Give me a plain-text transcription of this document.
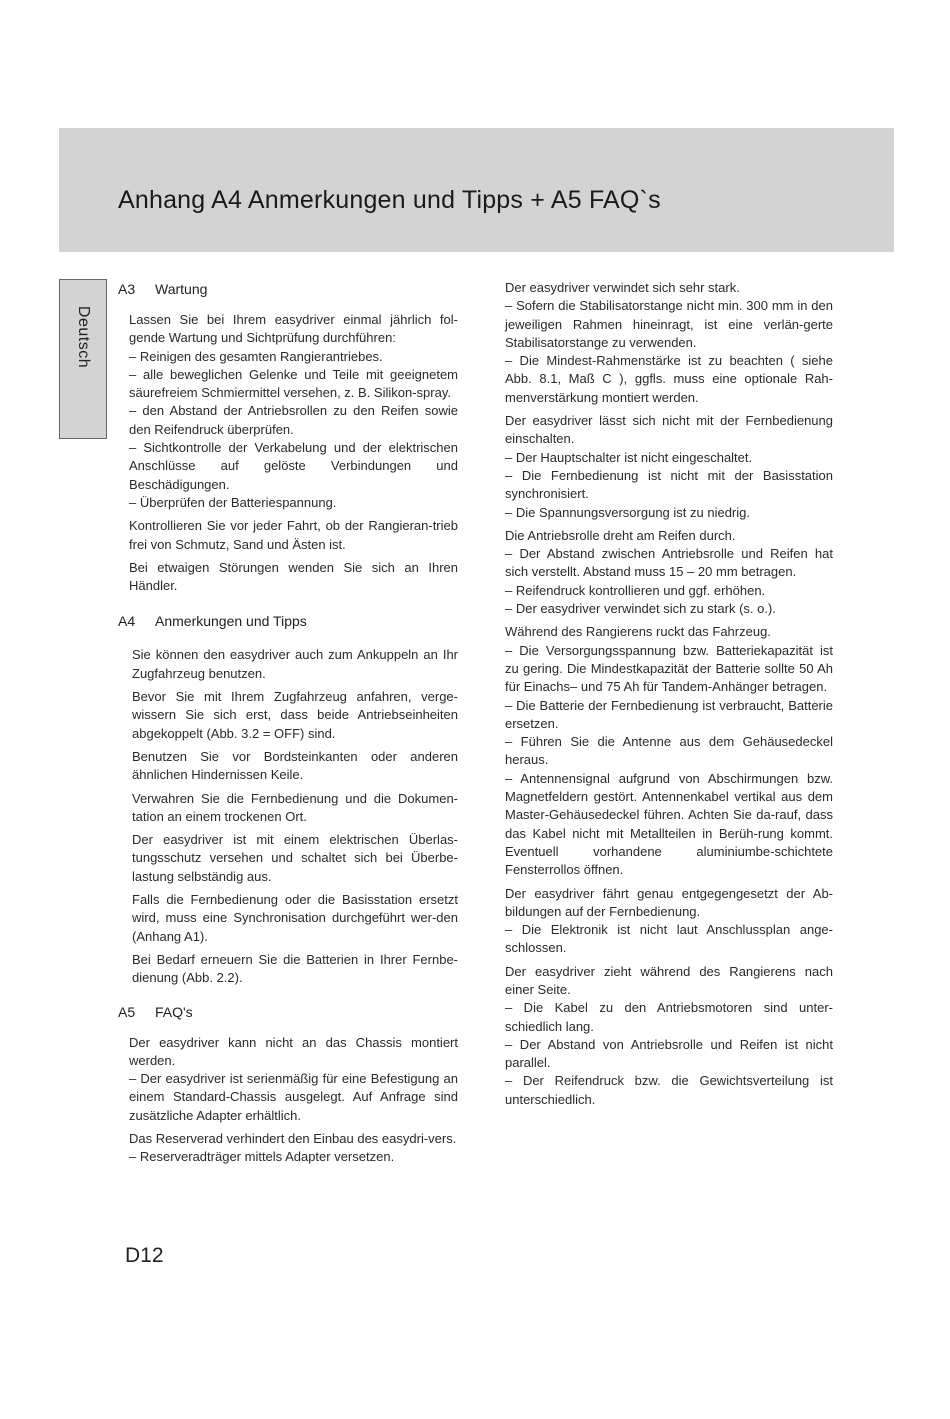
Anhang A4 Anmerkungen und Tipps + A5 FAQ`s
Deutsch
A3 Wartung

Lassen Sie bei Ihrem easydriver einmal jährlich fol-gende Wartung und Sichtprüfung durchführen:

– Reinigen des gesamten Rangierantriebes.

– alle beweglichen Gelenke und Teile mit geeignetem säurefreiem Schmiermittel versehen, z. B. Silikon-spray.

– den Abstand der Antriebsrollen zu den Reifen sowie den Reifendruck überprüfen.

– Sichtkontrolle der Verkabelung und der elektrischen Anschlüsse auf gelöste Verbindungen und Beschädigungen.

– Überprüfen der Batteriespannung.

Kontrollieren Sie vor jeder Fahrt, ob der Rangieran-trieb frei von Schmutz, Sand und Ästen ist.

Bei etwaigen Störungen wenden Sie sich an Ihren Händler.

A4 Anmerkungen und Tipps

Sie können den easydriver auch zum Ankuppeln an Ihr Zugfahrzeug benutzen.

Bevor Sie mit Ihrem Zugfahrzeug anfahren, verge-wissern Sie sich erst, dass beide Antriebseinheiten abgekoppelt (Abb. 3.2 = OFF) sind.

Benutzen Sie vor Bordsteinkanten oder anderen ähnlichen Hindernissen Keile.

Verwahren Sie die Fernbedienung und die Dokumen-tation an einem trockenen Ort.

Der easydriver ist mit einem elektrischen Überlas-tungsschutz versehen und schaltet sich bei Überbe-lastung selbständig aus.

Falls die Fernbedienung oder die Basisstation ersetzt wird, muss eine Synchronisation durchgeführt wer-den (Anhang A1).

Bei Bedarf erneuern Sie die Batterien in Ihrer Fernbe-dienung (Abb. 2.2).

A5 FAQ's

Der easydriver kann nicht an das Chassis montiert werden.

– Der easydriver ist serienmäßig für eine Befestigung an einem Standard-Chassis ausgelegt. Auf Anfrage sind zusätzliche Adapter erhältlich.

Das Reserverad verhindert den Einbau des easydri-vers.

– Reserveradträger mittels Adapter versetzen.

Der easydriver verwindet sich sehr stark.

– Sofern die Stabilisatorstange nicht min. 300 mm in den jeweiligen Rahmen hineinragt, ist eine verlän-gerte Stabilisatorstange zu verwenden.

– Die Mindest-Rahmenstärke ist zu beachten ( siehe Abb. 8.1, Maß C ), ggfls. muss eine optionale Rah-menverstärkung montiert werden.

Der easydriver lässt sich nicht mit der Fernbedienung einschalten.

– Der Hauptschalter ist nicht eingeschaltet.

– Die Fernbedienung ist nicht mit der Basisstation synchronisiert.

– Die Spannungsversorgung ist zu niedrig.

Die Antriebsrolle dreht am Reifen durch.

– Der Abstand zwischen Antriebsrolle und Reifen hat sich verstellt. Abstand muss 15 – 20 mm betragen.

– Reifendruck kontrollieren und ggf. erhöhen.

– Der easydriver verwindet sich zu stark (s. o.).

Während des Rangierens ruckt das Fahrzeug.

– Die Versorgungsspannung bzw. Batteriekapazität ist zu gering. Die Mindestkapazität der Batterie sollte 50 Ah für Einachs– und 75 Ah für Tandem-Anhänger betragen.

– Die Batterie der Fernbedienung ist verbraucht, Batterie ersetzen.

– Führen Sie die Antenne aus dem Gehäusedeckel heraus.

– Antennensignal aufgrund von Abschirmungen bzw. Magnetfeldern gestört. Antennenkabel vertikal aus dem Master-Gehäusedeckel führen. Achten Sie da-rauf, dass das Kabel nicht mit Metallteilen in Berüh-rung kommt. Eventuell vorhandene aluminiumbe-schichtete Fensterrollos öffnen.

Der easydriver fährt genau entgegengesetzt der Ab-bildungen auf der Fernbedienung.

– Die Elektronik ist nicht laut Anschlussplan ange-schlossen.

Der easydriver zieht während des Rangierens nach einer Seite.

– Die Kabel zu den Antriebsmotoren sind unter-schiedlich lang.

– Der Abstand von Antriebsrolle und Reifen ist nicht parallel.

– Der Reifendruck bzw. die Gewichtsverteilung ist unterschiedlich.

D12
